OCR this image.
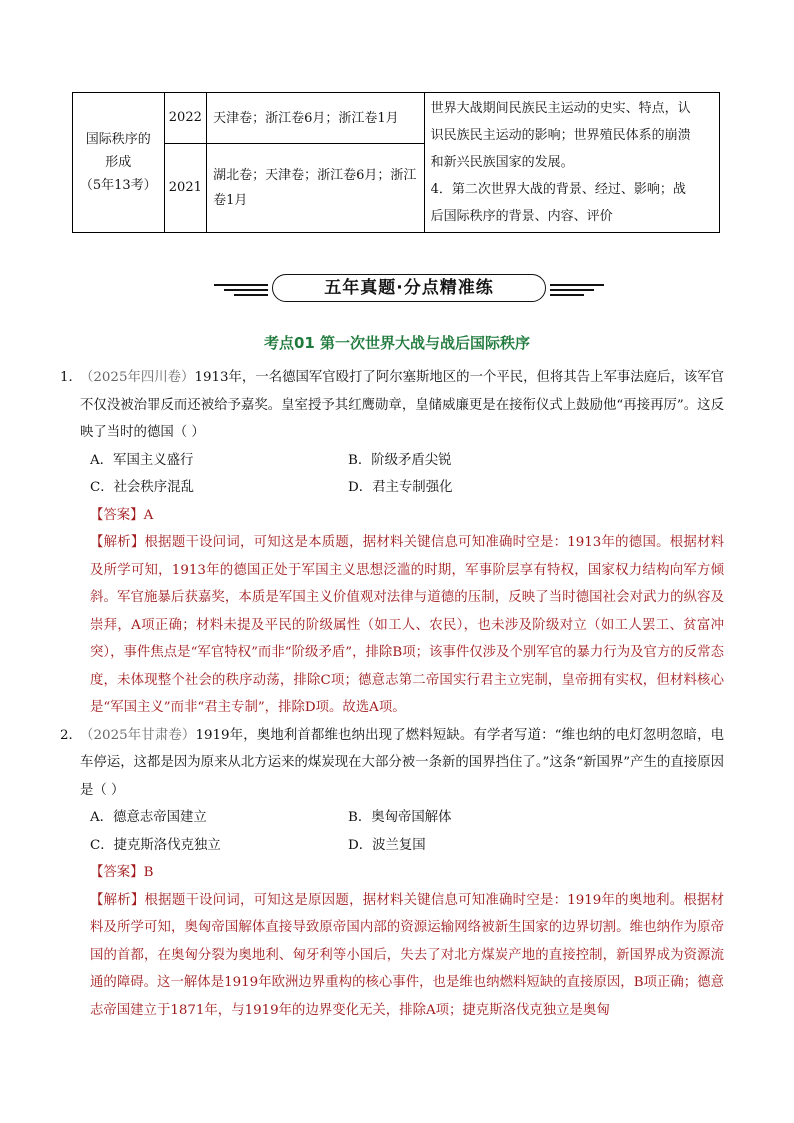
国际秩序的
形成
（5年13考）	2022	天津卷；浙江卷6月；浙江卷1月	世界大战期间民族民主运动的史实、特点，认
识民族民主运动的影响；世界殖民体系的崩溃
和新兴民族国家的发展。
4．第二次世界大战的背景、经过、影响；战
后国际秩序的背景、内容、评价

	2021	湖北卷；天津卷；浙江卷6月；浙江卷1月	
五年真题·分点精准练
考点01 第一次世界大战与战后国际秩序
1．
（2025年四川卷）1913年，一名德国军官殴打了阿尔塞斯地区的一个平民，但将其告上军事法庭后，该军官不仅没被治罪反而还被给予嘉奖。皇室授予其红鹰勋章，皇储威廉更是在接衔仪式上鼓励他“再接再厉”。这反映了当时的德国（ ）
A．军国主义盛行	B．阶级矛盾尖锐
C．社会秩序混乱	D．君主专制强化
【答案】A
【解析】根据题干设问词，可知这是本质题，据材料关键信息可知准确时空是：1913年的德国。根据材料及所学可知，1913年的德国正处于军国主义思想泛滥的时期，军事阶层享有特权，国家权力结构向军方倾斜。军官施暴后获嘉奖，本质是军国主义价值观对法律与道德的压制，反映了当时德国社会对武力的纵容及崇拜，A项正确；材料未提及平民的阶级属性（如工人、农民），也未涉及阶级对立（如工人罢工、贫富冲突），事件焦点是“军官特权”而非“阶级矛盾”，排除B项；该事件仅涉及个别军官的暴力行为及官方的反常态度，未体现整个社会的秩序动荡，排除C项；德意志第二帝国实行君主立宪制，皇帝拥有实权，但材料核心是“军国主义”而非“君主专制”，排除D项。故选A项。
2．
（2025年甘肃卷）1919年，奥地利首都维也纳出现了燃料短缺。有学者写道：“维也纳的电灯忽明忽暗，电车停运，这都是因为原来从北方运来的煤炭现在大部分被一条新的国界挡住了。”这条“新国界”产生的直接原因是（ ）
A．德意志帝国建立	B．奥匈帝国解体
C．捷克斯洛伐克独立	D．波兰复国
【答案】B
【解析】根据题干设问词，可知这是原因题，据材料关键信息可知准确时空是：1919年的奥地利。根据材料及所学可知，奥匈帝国解体直接导致原帝国内部的资源运输网络被新生国家的边界切割。维也纳作为原帝国的首都，在奥匈分裂为奥地利、匈牙利等小国后，失去了对北方煤炭产地的直接控制，新国界成为资源流通的障碍。这一解体是1919年欧洲边界重构的核心事件，也是维也纳燃料短缺的直接原因，B项正确；德意志帝国建立于1871年，与1919年的边界变化无关，排除A项；捷克斯洛伐克独立是奥匈
